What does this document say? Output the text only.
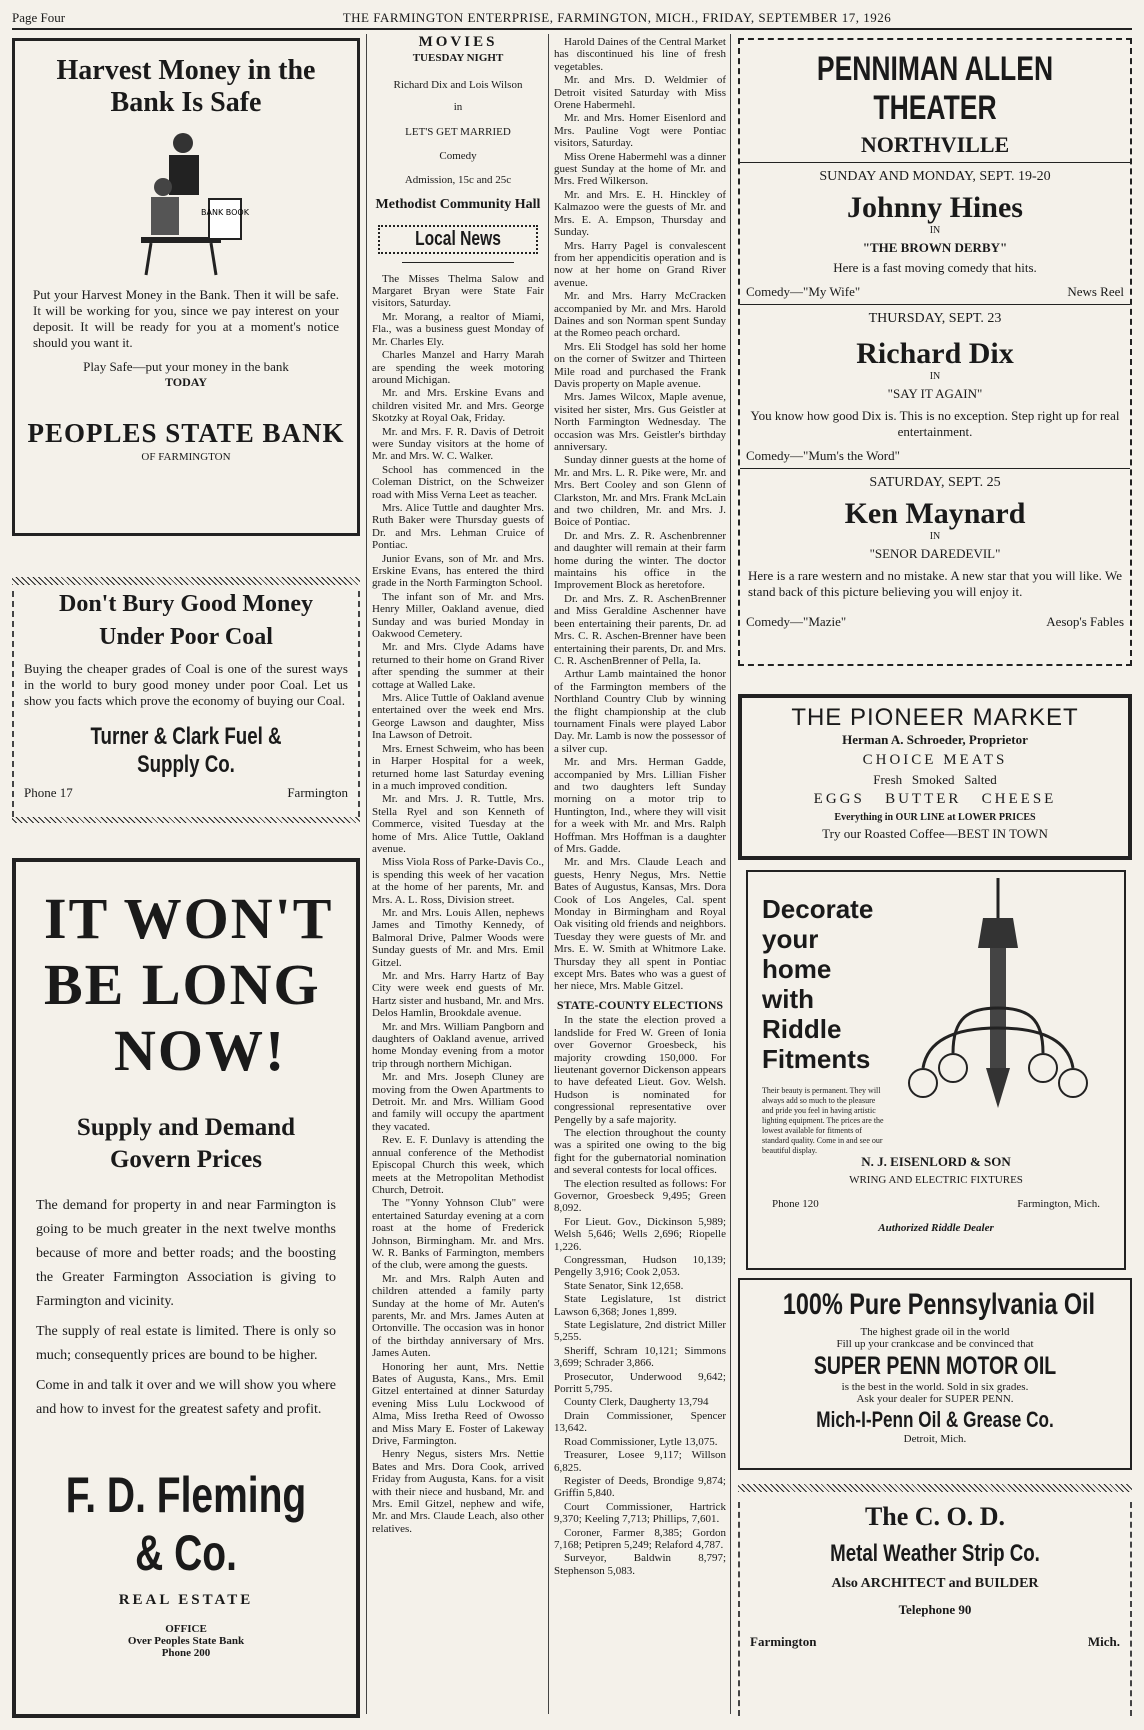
Page Four	THE FARMINGTON ENTERPRISE, FARMINGTON, MICH., FRIDAY, SEPTEMBER 17, 1926
Harvest Money in the
Bank Is Safe
BANK BOOK
Put your Harvest Money in the Bank. Then it will be safe. It will be working for you, since we pay interest on your deposit. It will be ready for you at a moment's notice should you want it.
Play Safe—put your money in the bank
TODAY
PEOPLES STATE BANK
OF FARMINGTON
Don't Bury Good Money
Under Poor Coal
Buying the cheaper grades of Coal is one of the surest ways in the world to bury good money under poor Coal. Let us show you facts which prove the economy of buying our Coal.
Turner & Clark Fuel & Supply Co.
Phone 17	Farmington
IT WON'T
BE LONG
NOW!
Supply and Demand
Govern Prices

The demand for property in and near Farmington is going to be much greater in the next twelve months because of more and better roads; and the boosting the Greater Farmington Association is giving to Farmington and vicinity.

The supply of real estate is limited. There is only so much; consequently prices are bound to be higher.

Come in and talk it over and we will show you where and how to invest for the greatest safety and profit.

F. D. Fleming & Co.
REAL ESTATE
OFFICE
Over Peoples State Bank
Phone 200
MOVIES
TUESDAY NIGHT
Richard Dix and Lois Wilson
in
LET'S GET MARRIED
Comedy
Admission, 15c and 25c
Methodist Community Hall
Local News

The Misses Thelma Salow and Margaret Bryan were State Fair visitors, Saturday.

Mr. Morang, a realtor of Miami, Fla., was a business guest Monday of Mr. Charles Ely.

Charles Manzel and Harry Marah are spending the week motoring around Michigan.

Mr. and Mrs. Erskine Evans and children visited Mr. and Mrs. George Skotzky at Royal Oak, Friday.

Mr. and Mrs. F. R. Davis of Detroit were Sunday visitors at the home of Mr. and Mrs. W. C. Walker.

School has commenced in the Coleman District, on the Schweizer road with Miss Verna Leet as teacher.

Mrs. Alice Tuttle and daughter Mrs. Ruth Baker were Thursday guests of Dr. and Mrs. Lehman Cruice of Pontiac.

Junior Evans, son of Mr. and Mrs. Erskine Evans, has entered the third grade in the North Farmington School.

The infant son of Mr. and Mrs. Henry Miller, Oakland avenue, died Sunday and was buried Monday in Oakwood Cemetery.

Mr. and Mrs. Clyde Adams have returned to their home on Grand River after spending the summer at their cottage at Walled Lake.

Mrs. Alice Tuttle of Oakland avenue entertained over the week end Mrs. George Lawson and daughter, Miss Ina Lawson of Detroit.

Mrs. Ernest Schweim, who has been in Harper Hospital for a week, returned home last Saturday evening in a much improved condition.

Mr. and Mrs. J. R. Tuttle, Mrs. Stella Ryel and son Kenneth of Commerce, visited Tuesday at the home of Mrs. Alice Tuttle, Oakland avenue.

Miss Viola Ross of Parke-Davis Co., is spending this week of her vacation at the home of her parents, Mr. and Mrs. A. L. Ross, Division street.

Mr. and Mrs. Louis Allen, nephews James and Timothy Kennedy, of Balmoral Drive, Palmer Woods were Sunday guests of Mr. and Mrs. Emil Gitzel.

Mr. and Mrs. Harry Hartz of Bay City were week end guests of Mr. Hartz sister and husband, Mr. and Mrs. Delos Hamlin, Brookdale avenue.

Mr. and Mrs. William Pangborn and daughters of Oakland avenue, arrived home Monday evening from a motor trip through northern Michigan.

Mr. and Mrs. Joseph Cluney are moving from the Owen Apartments to Detroit. Mr. and Mrs. William Good and family will occupy the apartment they vacated.

Rev. E. F. Dunlavy is attending the annual conference of the Methodist Episcopal Church this week, which meets at the Metropolitan Methodist Church, Detroit.

The "Yonny Yohnson Club" were entertained Saturday evening at a corn roast at the home of Frederick Johnson, Birmingham. Mr. and Mrs. W. R. Banks of Farmington, members of the club, were among the guests.

Mr. and Mrs. Ralph Auten and children attended a family party Sunday at the home of Mr. Auten's parents, Mr. and Mrs. James Auten at Ortonville. The occasion was in honor of the birthday anniversary of Mrs. James Auten.

Honoring her aunt, Mrs. Nettie Bates of Augusta, Kans., Mrs. Emil Gitzel entertained at dinner Saturday evening Miss Lulu Lockwood of Alma, Miss Iretha Reed of Owosso and Miss Mary E. Foster of Lakeway Drive, Farmington.

Henry Negus, sisters Mrs. Nettie Bates and Mrs. Dora Cook, arrived Friday from Augusta, Kans. for a visit with their niece and husband, Mr. and Mrs. Emil Gitzel, nephew and wife, Mr. and Mrs. Claude Leach, also other relatives.

Harold Daines of the Central Market has discontinued his line of fresh vegetables.

Mr. and Mrs. D. Weldmier of Detroit visited Saturday with Miss Orene Habermehl.

Mr. and Mrs. Homer Eisenlord and Mrs. Pauline Vogt were Pontiac visitors, Saturday.

Miss Orene Habermehl was a dinner guest Sunday at the home of Mr. and Mrs. Fred Wilkerson.

Mr. and Mrs. E. H. Hinckley of Kalmazoo were the guests of Mr. and Mrs. E. A. Empson, Thursday and Sunday.

Mrs. Harry Pagel is convalescent from her appendicitis operation and is now at her home on Grand River avenue.

Mr. and Mrs. Harry McCracken accompanied by Mr. and Mrs. Harold Daines and son Norman spent Sunday at the Romeo peach orchard.

Mrs. Eli Stodgel has sold her home on the corner of Switzer and Thirteen Mile road and purchased the Frank Davis property on Maple avenue.

Mrs. James Wilcox, Maple avenue, visited her sister, Mrs. Gus Geistler at North Farmington Wednesday. The occasion was Mrs. Geistler's birthday anniversary.

Sunday dinner guests at the home of Mr. and Mrs. L. R. Pike were, Mr. and Mrs. Bert Cooley and son Glenn of Clarkston, Mr. and Mrs. Frank McLain and two children, Mr. and Mrs. J. Boice of Pontiac.

Dr. and Mrs. Z. R. Aschenbrenner and daughter will remain at their farm home during the winter. The doctor maintains his office in the Improvement Block as heretofore.

Dr. and Mrs. Z. R. AschenBrenner and Miss Geraldine Aschenner have been entertaining their parents, Dr. ad Mrs. C. R. Aschen-Brenner have been entertaining their parents, Dr. and Mrs. C. R. AschenBrenner of Pella, Ia.

Arthur Lamb maintained the honor of the Farmington members of the Northland Country Club by winning the flight championship at the club tournament Finals were played Labor Day. Mr. Lamb is now the possessor of a silver cup.

Mr. and Mrs. Herman Gadde, accompanied by Mrs. Lillian Fisher and two daughters left Sunday morning on a motor trip to Huntington, Ind., where they will visit for a week with Mr. and Mrs. Ralph Hoffman. Mrs Hoffman is a daughter of Mrs. Gadde.

Mr. and Mrs. Claude Leach and guests, Henry Negus, Mrs. Nettie Bates of Augustus, Kansas, Mrs. Dora Cook of Los Angeles, Cal. spent Monday in Birmingham and Royal Oak visiting old friends and neighbors. Tuesday they were guests of Mr. and Mrs. E. W. Smith at Whitmore Lake. Thursday they all spent in Pontiac except Mrs. Bates who was a guest of her niece, Mrs. Mable Gitzel.

STATE-COUNTY ELECTIONS

In the state the election proved a landslide for Fred W. Green of Ionia over Governor Groesbeck, his majority crowding 150,000. For lieutenant governor Dickenson appears to have defeated Lieut. Gov. Welsh. Hudson is nominated for congressional representative over Pengelly by a safe majority.

The election throughout the county was a spirited one owing to the big fight for the gubernatorial nomination and several contests for local offices.

The election resulted as follows: For Governor, Groesbeck 9,495; Green 8,092.

For Lieut. Gov., Dickinson 5,989; Welsh 5,646; Wells 2,696; Riopelle 1,226.

Congressman, Hudson 10,139; Pengelly 3,916; Cook 2,053.

State Senator, Sink 12,658.

State Legislature, 1st district Lawson 6,368; Jones 1,899.

State Legislature, 2nd district Miller 5,255.

Sheriff, Schram 10,121; Simmons 3,699; Schrader 3,866.

Prosecutor, Underwood 9,642; Porritt 5,795.

County Clerk, Daugherty 13,794

Drain Commissioner, Spencer 13,642.

Road Commissioner, Lytle 13,075.

Treasurer, Losee 9,117; Willson 6,825.

Register of Deeds, Brondige 9,874; Griffin 5,840.

Court Commissioner, Hartrick 9,370; Keeling 7,713; Phillips, 7,601.

Coroner, Farmer 8,385; Gordon 7,168; Petipren 5,249; Relaford 4,787.

Surveyor, Baldwin 8,797; Stephenson 5,083.

PENNIMAN ALLEN THEATER
NORTHVILLE
SUNDAY AND MONDAY, SEPT. 19-20
Johnny Hines
IN
"THE BROWN DERBY"
Here is a fast moving comedy that hits.
Comedy—"My Wife"	News Reel
THURSDAY, SEPT. 23
Richard Dix
IN
"SAY IT AGAIN"
You know how good Dix is. This is no exception. Step right up for real entertainment.
Comedy—"Mum's the Word"
SATURDAY, SEPT. 25
Ken Maynard
IN
"SENOR DAREDEVIL"
Here is a rare western and no mistake. A new star that you will like. We stand back of this picture believing you will enjoy it.
Comedy—"Mazie"	Aesop's Fables
THE PIONEER MARKET
Herman A. Schroeder, Proprietor
CHOICE MEATS
Fresh   Smoked   Salted
EGGS   BUTTER   CHEESE
Everything in OUR LINE at LOWER PRICES
Try our Roasted Coffee—BEST IN TOWN
Decorate
your
home
with
Riddle
Fitments
Their beauty is permanent. They will always add so much to the pleasure and pride you feel in having artistic lighting equipment. The prices are the lowest available for fitments of standard quality. Come in and see our beautiful display.
N. J. EISENLORD & SON
WRING AND ELECTRIC FIXTURES
Phone 120	Farmington, Mich.
Authorized Riddle Dealer
100% Pure Pennsylvania Oil
The highest grade oil in the world
Fill up your crankcase and be convinced that
SUPER PENN MOTOR OIL
is the best in the world. Sold in six grades.
Ask your dealer for SUPER PENN.
Mich-I-Penn Oil & Grease Co.
Detroit, Mich.
The C. O. D.
Metal Weather Strip Co.
Also ARCHITECT and BUILDER
Telephone 90
Farmington	Mich.
